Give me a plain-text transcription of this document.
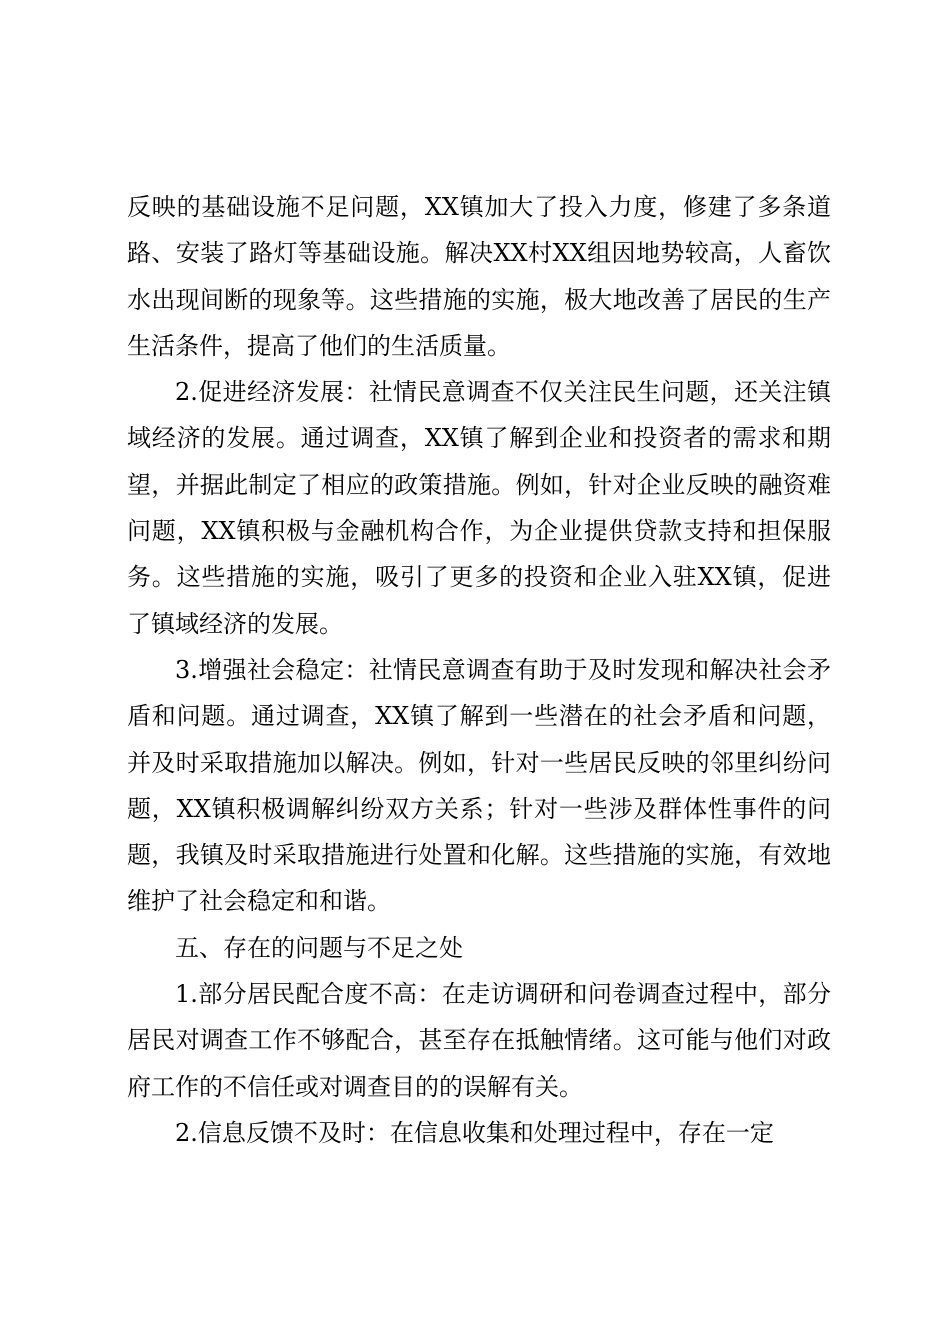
反映的基础设施不足问题，XX镇加大了投入力度，修建了多条道路、安装了路灯等基础设施。解决XX村XX组因地势较高，人畜饮水出现间断的现象等。这些措施的实施，极大地改善了居民的生产生活条件，提高了他们的生活质量。

2.促进经济发展：社情民意调查不仅关注民生问题，还关注镇域经济的发展。通过调查，XX镇了解到企业和投资者的需求和期望，并据此制定了相应的政策措施。例如，针对企业反映的融资难问题，XX镇积极与金融机构合作，为企业提供贷款支持和担保服务。这些措施的实施，吸引了更多的投资和企业入驻XX镇，促进了镇域经济的发展。

3.增强社会稳定：社情民意调查有助于及时发现和解决社会矛盾和问题。通过调查，XX镇了解到一些潜在的社会矛盾和问题，并及时采取措施加以解决。例如，针对一些居民反映的邻里纠纷问题，XX镇积极调解纠纷双方关系；针对一些涉及群体性事件的问题，我镇及时采取措施进行处置和化解。这些措施的实施，有效地维护了社会稳定和和谐。

五、存在的问题与不足之处

1.部分居民配合度不高：在走访调研和问卷调查过程中，部分居民对调查工作不够配合，甚至存在抵触情绪。这可能与他们对政府工作的不信任或对调查目的的误解有关。

2.信息反馈不及时：在信息收集和处理过程中，存在一定
